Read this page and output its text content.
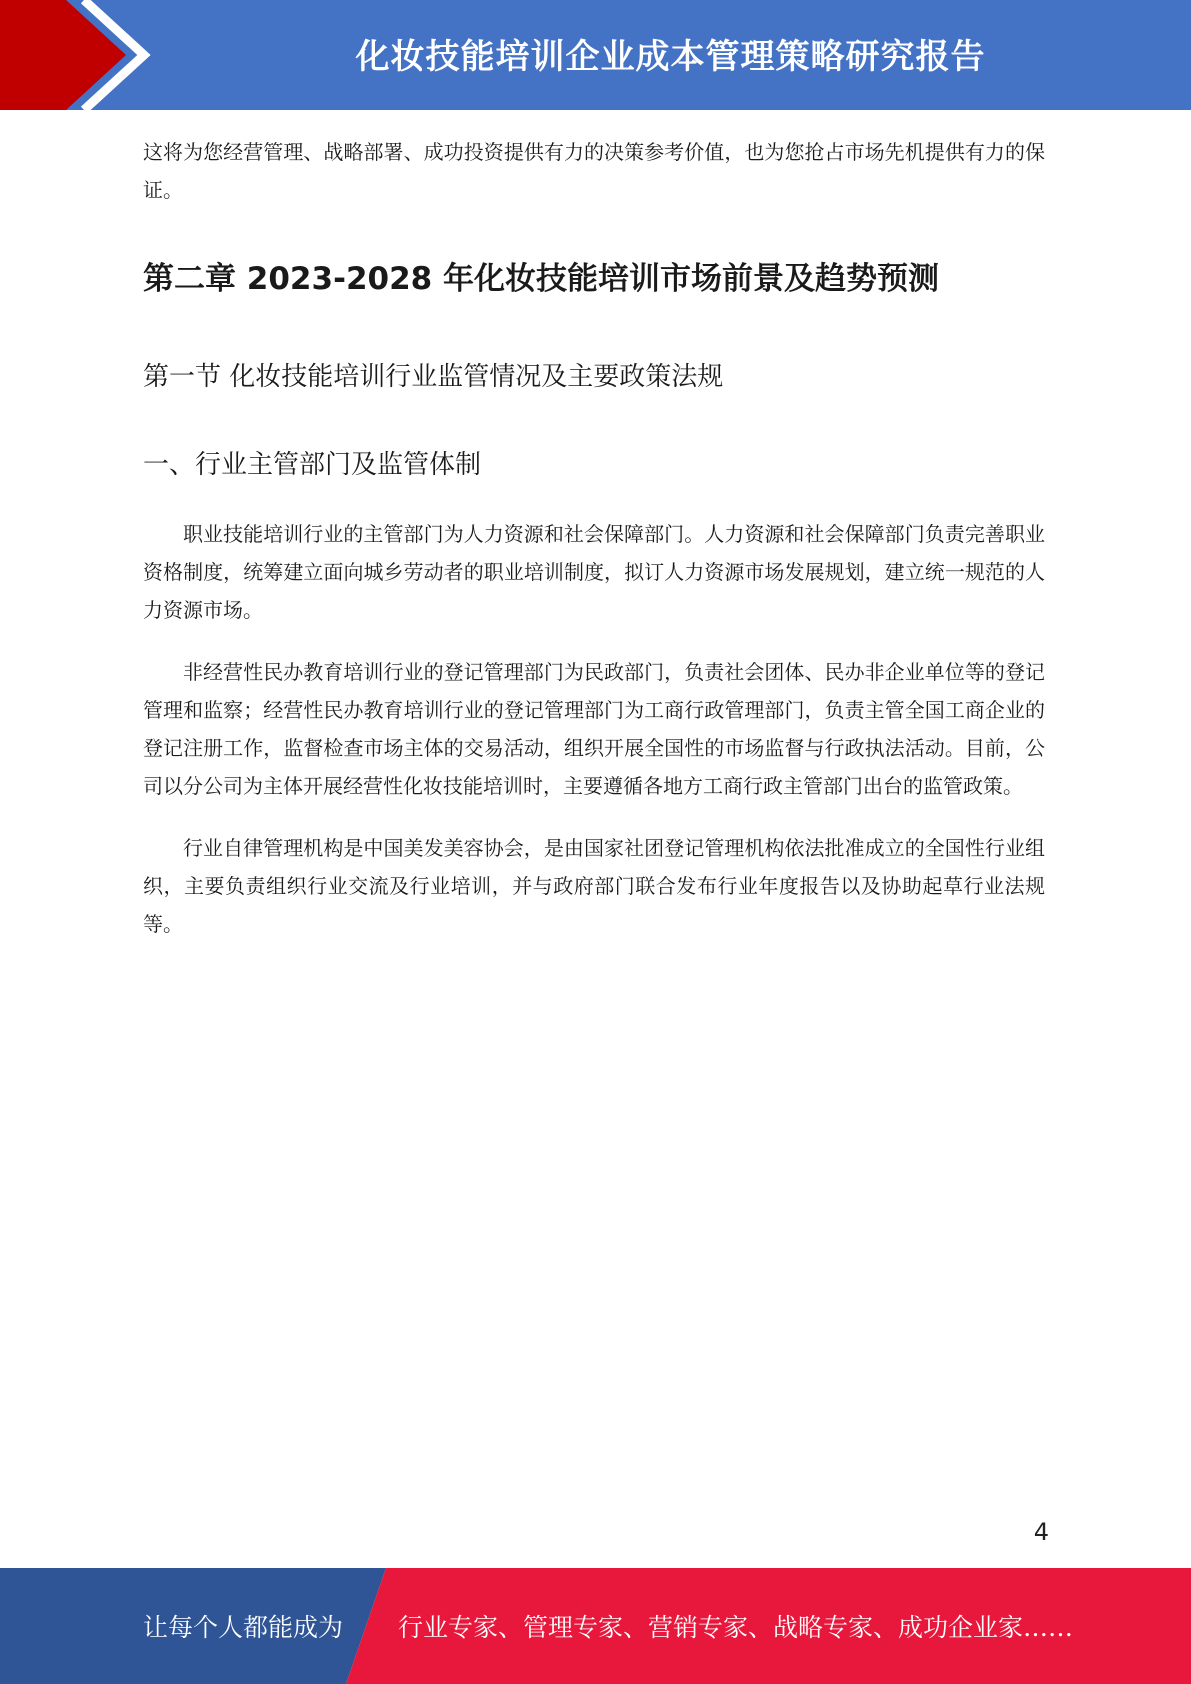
化妆技能培训企业成本管理策略研究报告

这将为您经营管理、战略部署、成功投资提供有力的决策参考价值，也为您抢占市场先机提供有力的保证。

第二章 2023-2028 年化妆技能培训市场前景及趋势预测
第一节 化妆技能培训行业监管情况及主要政策法规
一、行业主管部门及监管体制

职业技能培训行业的主管部门为人力资源和社会保障部门。人力资源和社会保障部门负责完善职业资格制度，统筹建立面向城乡劳动者的职业培训制度，拟订人力资源市场发展规划，建立统一规范的人力资源市场。

非经营性民办教育培训行业的登记管理部门为民政部门，负责社会团体、民办非企业单位等的登记管理和监察；经营性民办教育培训行业的登记管理部门为工商行政管理部门，负责主管全国工商企业的登记注册工作，监督检查市场主体的交易活动，组织开展全国性的市场监督与行政执法活动。目前，公司以分公司为主体开展经营性化妆技能培训时，主要遵循各地方工商行政主管部门出台的监管政策。

行业自律管理机构是中国美发美容协会，是由国家社团登记管理机构依法批准成立的全国性行业组织，主要负责组织行业交流及行业培训，并与政府部门联合发布行业年度报告以及协助起草行业法规等。

4
让每个人都能成为 行业专家、管理专家、营销专家、战略专家、成功企业家……
